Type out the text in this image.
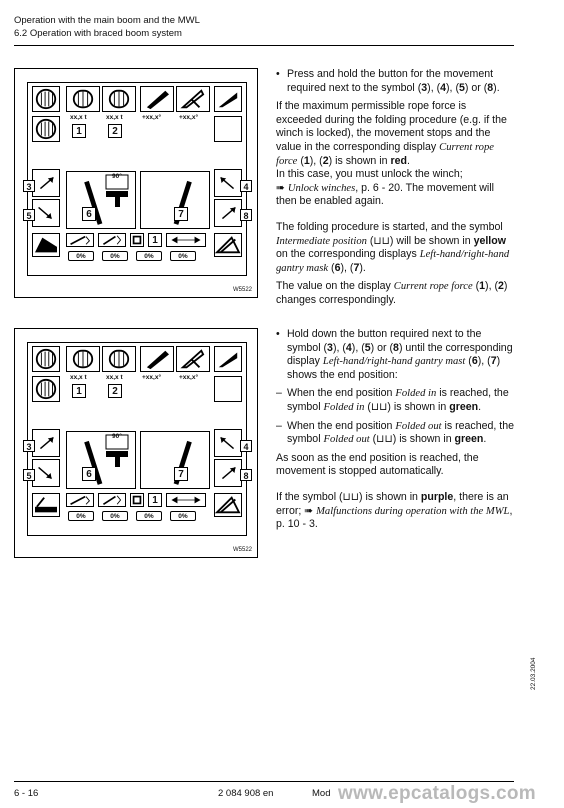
Operation with the main boom and the MWL
6.2 Operation with braced boom system
xx,x t	xx,x t	+xx,x°	+xx,x°
1	2
90°
6	7
1
0%	0%	0%	0%
3
5
4
8
W5522
xx,x t	xx,x t	+xx,x°	+xx,x°
1	2
90°
6	7
1
0%	0%	0%	0%
3
5
4
8
W5522

• Press and hold the button for the movement required next to the symbol (3), (4), (5) or (8).

If the maximum permissible rope force is exceeded during the folding procedure (e.g. if the winch is locked), the movement stops and the value in the corresponding display Current rope force (1), (2) is shown in red.

In this case, you must unlock the winch;
➠ Unlock winches, p. 6 - 20. The movement will then be enabled again.

The folding procedure is started, and the symbol Intermediate position (⊔⊔) will be shown in yellow on the corresponding displays Left-hand/right-hand gantry mask (6), (7).

The value on the display Current rope force (1), (2) changes correspondingly.

• Hold down the button required next to the symbol (3), (4), (5) or (8) until the corresponding display Left-hand/right-hand gantry mast (6), (7) shows the end position:

– When the end position Folded in is reached, the symbol Folded in (⊔⊔) is shown in green.

– When the end position Folded out is reached, the symbol Folded out (⊔⊔) is shown in green.

As soon as the end position is reached, the movement is stopped automatically.

If the symbol (⊔⊔) is shown in purple, there is an error; ➠ Malfunctions during operation with the MWL, p. 10 - 3.

22.03.2004
6 - 16	2 084 908 en	Mod www.epcatalogs.com
